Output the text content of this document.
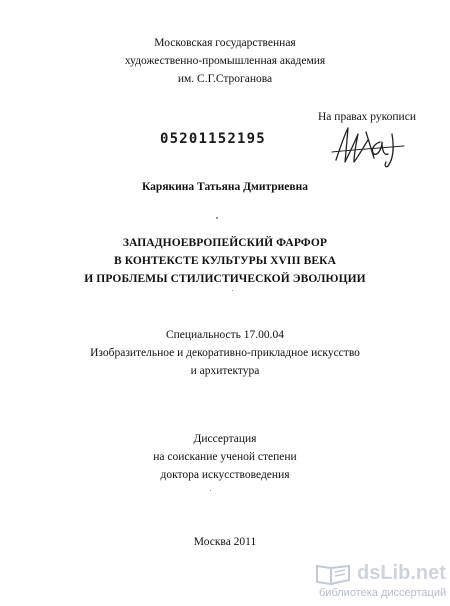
Московская государственная
художественно-промышленная академия
им. С.Г.Строганова
На правах рукописи
05201152195
Карякина Татьяна Дмитриевна
ЗАПАДНОЕВРОПЕЙСКИЙ ФАРФОР
В КОНТЕКСТЕ КУЛЬТУРЫ XVIII ВЕКА
И ПРОБЛЕМЫ СТИЛИСТИЧЕСКОЙ ЭВОЛЮЦИИ
Специальность 17.00.04
Изобразительное и декоративно-прикладное искусство
и архитектура
Диссертация
на соискание ученой степени
доктора искусствоведения
Москва 2011
dsLib.net
библиотека диссертаций
